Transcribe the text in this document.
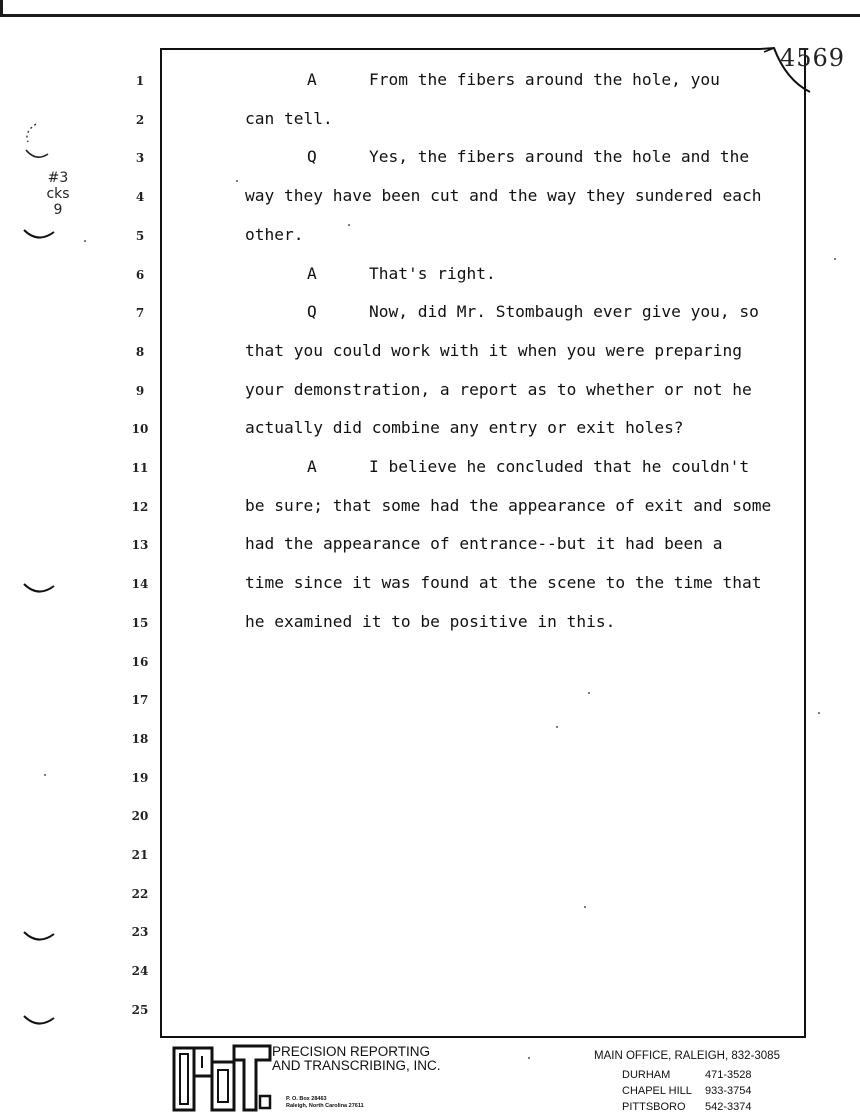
4569
#3
cks
9
1	A	From the fibers around the hole, you
2	can tell.
3	Q	Yes, the fibers around the hole and the
4	way they have been cut and the way they sundered each
5	other.
6	A	That's right.
7	Q	Now, did Mr. Stombaugh ever give you, so
8	that you could work with it when you were preparing
9	your demonstration, a report as to whether or not he
10	actually did combine any entry or exit holes?
11	A	I believe he concluded that he couldn't
12	be sure; that some had the appearance of exit and some
13	had the appearance of entrance--but it had been a
14	time since it was found at the scene to the time that
15	he examined it to be positive in this.
16
17
18
19
20
21
22
23
24
25
PRECISION REPORTING
AND TRANSCRIBING, INC.
P. O. Box 28463
Raleigh, North Carolina 27611
MAIN OFFICE, RALEIGH, 832-3085
DURHAM	471-3528
CHAPEL HILL 933-3754
PITTSBORO 542-3374
